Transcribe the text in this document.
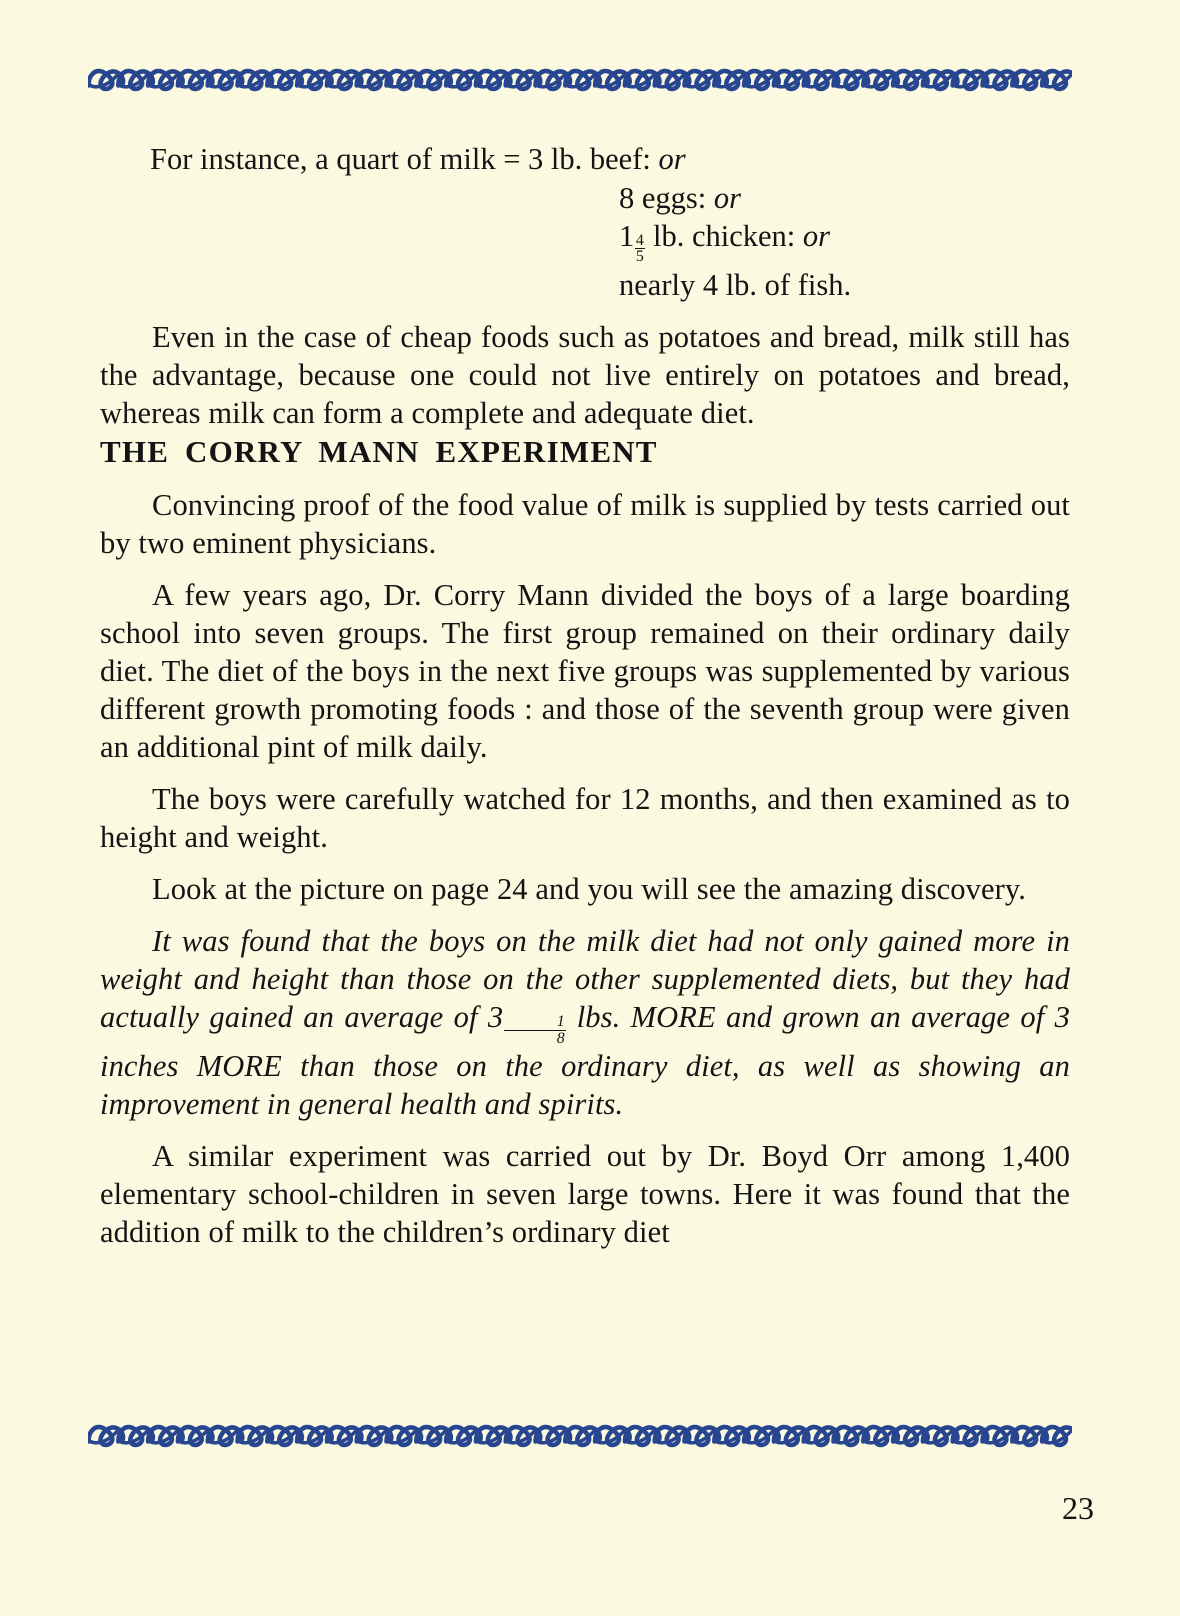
For instance, a quart of milk = 3 lb. beef: or
8 eggs: or
$1 \frac{4}{5}$ lb. chicken: or
nearly 4 lb. of fish.

Even in the case of cheap foods such as potatoes and bread, milk still has the advantage, because one could not live entirely on potatoes and bread, whereas milk can form a complete and adequate diet.

THE CORRY MANN EXPERIMENT

Convincing proof of the food value of milk is supplied by tests carried out by two eminent physicians.

A few years ago, Dr. Corry Mann divided the boys of a large boarding school into seven groups. The first group remained on their ordinary daily diet. The diet of the boys in the next five groups was supplemented by various different growth promoting foods : and those of the seventh group were given an additional pint of milk daily.

The boys were carefully watched for 12 months, and then examined as to height and weight.

Look at the picture on page 24 and you will see the amazing discovery.

It was found that the boys on the milk diet had not only gained more in weight and height than those on the other supplemented diets, but they had actually gained an average of $3 \frac{1}{8}$ lbs. MORE and grown an average of 3 inches MORE than those on the ordinary diet, as well as showing an improvement in general health and spirits.

A similar experiment was carried out by Dr. Boyd Orr among 1,400 elementary school-children in seven large towns. Here it was found that the addition of milk to the children’s ordinary diet

23
